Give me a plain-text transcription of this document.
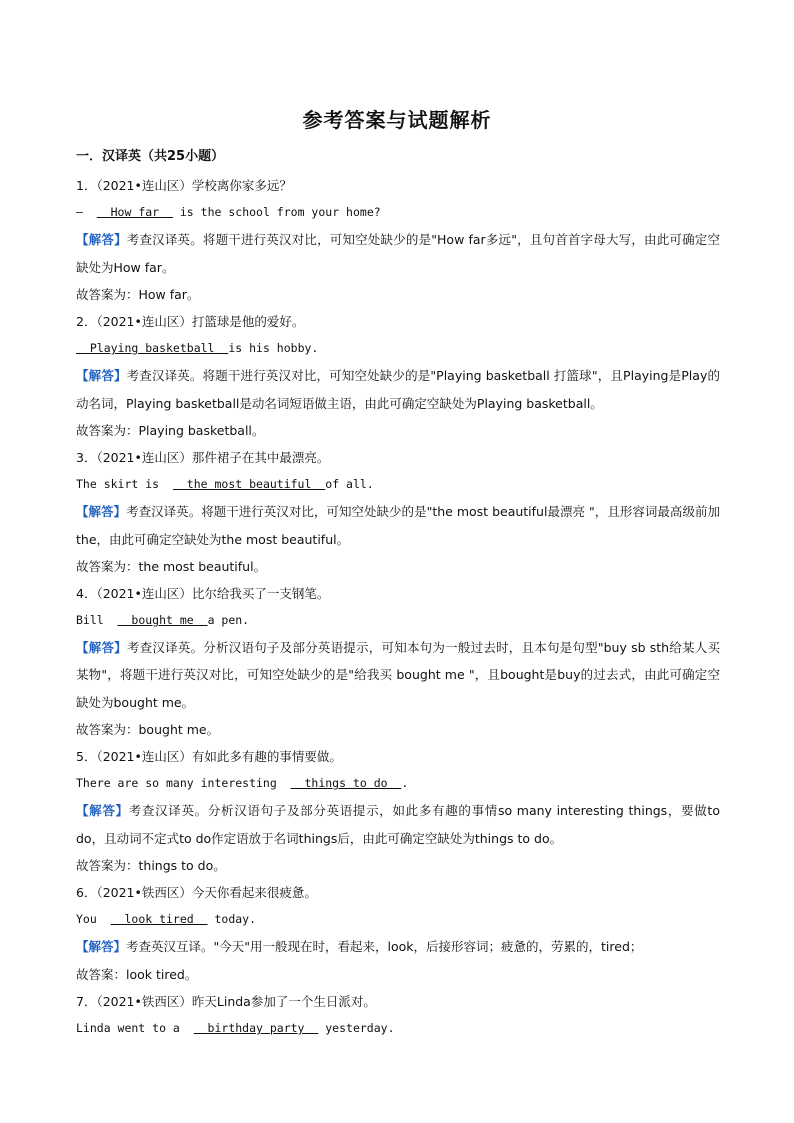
参考答案与试题解析
一．汉译英（共25小题）
1．（2021•连山区）学校离你家多远？
–    How far   is the school from your home?
【解答】考查汉译英。将题干进行英汉对比，可知空处缺少的是"How far多远"，且句首首字母大写，由此可确定空缺处为How far。
故答案为：How far。
2．（2021•连山区）打篮球是他的爱好。
Playing basketball  is his hobby.
【解答】考查汉译英。将题干进行英汉对比，可知空处缺少的是"Playing basketball 打篮球"，且Playing是Play的动名词，Playing basketball是动名词短语做主语，由此可确定空缺处为Playing basketball。
故答案为：Playing basketball。
3．（2021•连山区）那件裙子在其中最漂亮。
The skirt is    the most beautiful  of all.
【解答】考查汉译英。将题干进行英汉对比，可知空处缺少的是"the most beautiful最漂亮 "，且形容词最高级前加the，由此可确定空缺处为the most beautiful。
故答案为：the most beautiful。
4．（2021•连山区）比尔给我买了一支钢笔。
Bill    bought me  a pen.
【解答】考查汉译英。分析汉语句子及部分英语提示，可知本句为一般过去时，且本句是句型"buy sb sth给某人买某物"，将题干进行英汉对比，可知空处缺少的是"给我买 bought me "，且bought是buy的过去式，由此可确定空缺处为bought me。
故答案为：bought me。
5．（2021•连山区）有如此多有趣的事情要做。
There are so many interesting    things to do  .
【解答】考查汉译英。分析汉语句子及部分英语提示，如此多有趣的事情so many interesting things，要做to do，且动词不定式to do作定语放于名词things后，由此可确定空缺处为things to do。
故答案为：things to do。
6．（2021•铁西区）今天你看起来很疲惫。
You    look tired   today.
【解答】考查英汉互译。"今天"用一般现在时，看起来，look，后接形容词；疲惫的，劳累的，tired；
故答案：look tired。
7．（2021•铁西区）昨天Linda参加了一个生日派对。
Linda went to a    birthday party   yesterday.
